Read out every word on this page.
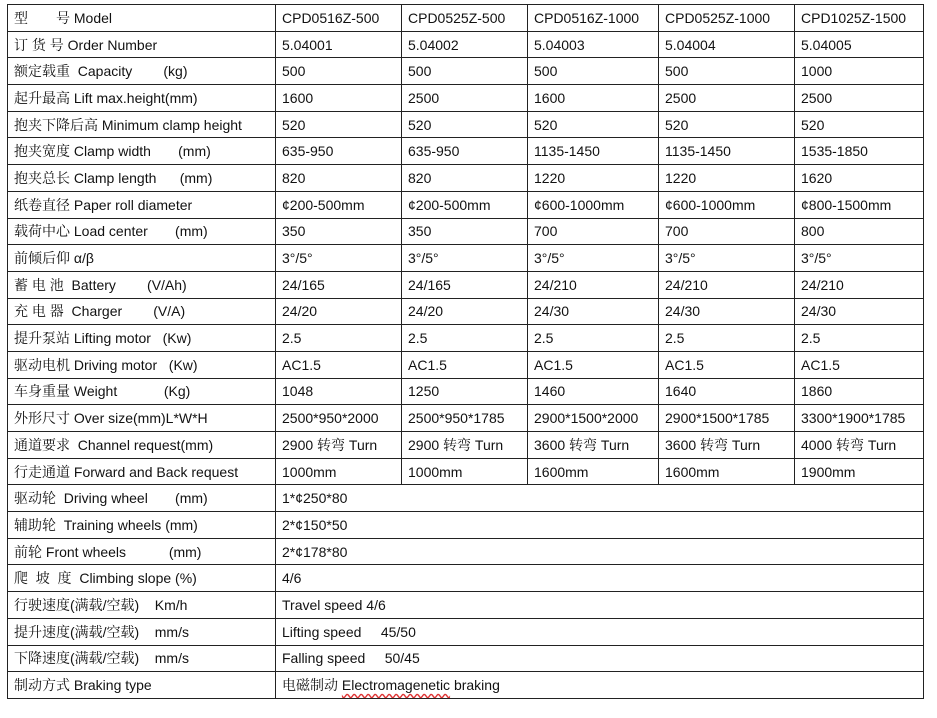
型　　号 Model	CPD0516Z-500	CPD0525Z-500	CPD0516Z-1000	CPD0525Z-1000	CPD1025Z-1500
订 货 号 Order Number	5.04001	5.04002	5.04003	5.04004	5.04005
额定载重  Capacity        (kg)	500	500	500	500	1000
起升最高 Lift max.height(mm)	1600	2500	1600	2500	2500
抱夹下降后高 Minimum clamp height	520	520	520	520	520
抱夹宽度 Clamp width       (mm)	635-950	635-950	1135-1450	1135-1450	1535-1850
抱夹总长 Clamp length      (mm)	820	820	1220	1220	1620
纸卷直径 Paper roll diameter	¢200-500mm	¢200-500mm	¢600-1000mm	¢600-1000mm	¢800-1500mm
载荷中心 Load center       (mm)	350	350	700	700	800
前倾后仰 α/β	3°/5°	3°/5°	3°/5°	3°/5°	3°/5°
蓄 电 池  Battery        (V/Ah)	24/165	24/165	24/210	24/210	24/210
充 电 器  Charger        (V/A)	24/20	24/20	24/30	24/30	24/30
提升泵站 Lifting motor   (Kw)	2.5	2.5	2.5	2.5	2.5
驱动电机 Driving motor   (Kw)	AC1.5	AC1.5	AC1.5	AC1.5	AC1.5
车身重量 Weight            (Kg)	1048	1250	1460	1640	1860
外形尺寸 Over size(mm)L*W*H	2500*950*2000	2500*950*1785	2900*1500*2000	2900*1500*1785	3300*1900*1785
通道要求  Channel request(mm)	2900 转弯 Turn	2900 转弯 Turn	3600 转弯 Turn	3600 转弯 Turn	4000 转弯 Turn
行走通道 Forward and Back request	1000mm	1000mm	1600mm	1600mm	1900mm
驱动轮  Driving wheel       (mm)	1*¢250*80				
辅助轮  Training wheels (mm)	2*¢150*50				
前轮 Front wheels           (mm)	2*¢178*80				
爬  坡  度  Climbing slope (%)	4/6				
行驶速度(满载/空载)    Km/h	Travel speed 4/6				
提升速度(满载/空载)    mm/s	Lifting speed     45/50				
下降速度(满载/空载)    mm/s	Falling speed     50/45				
制动方式 Braking type	电磁制动 Electromagenetic braking				
